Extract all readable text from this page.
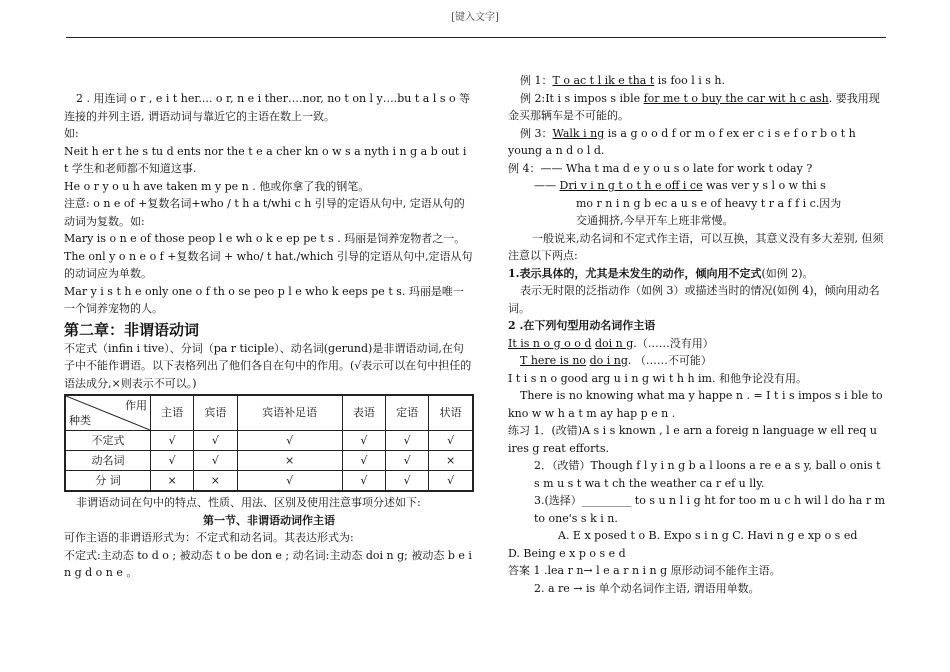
[键入文字]

2 . 用连词 o r , e i t her.... o r, n e i ther….nor, no t on l y….bu t a l s o 等连接的并列主语, 谓语动词与靠近它的主语在数上一致。

如:

Neit h er t he s tu d ents nor the t e a cher kn o w s a nyth i n g a b out i t 学生和老师都不知道这事.

He o r y o u h ave taken m y pe n . 他或你拿了我的钢笔。

注意: o n e of +复数名词+who / t h a t/whi c h 引导的定语从句中, 定语从句的动词为复数。如:

Mary is o n e of those peop l e wh o k e ep pe t s . 玛丽是饲养宠物者之一。

The onl y o n e o f +复数名词 + who/ t hat./which 引导的定语从句中,定语从句的动词应为单数。

Mar y i s t h e only one o f th o se peo p l e who k eeps pe t s. 玛丽是唯一一个饲养宠物的人。

第二章：非谓语动词

不定式（infin i tive）、分词（pa r ticiple）、动名词(gerund)是非谓语动词,在句子中不能作谓语。以下表格列出了他们各自在句中的作用。(√表示可以在句中担任的语法成分,×则表示不可以。)

作用
种类	主语	宾语	宾语补足语	表语	定语	状语
不定式	√	√	√	√	√	√
动名词	√	√	×	√	√	×
分 词	×	×	√	√	√	√

非谓语动词在句中的特点、性质、用法、区别及使用注意事项分述如下:

第一节、非谓语动词作主语

可作主语的非谓语形式为：不定式和动名词。其表达形式为:

不定式:主动态 to d o ; 被动态 t o be don e ; 动名词:主动态 doi n g; 被动态 b e i n g d o n e 。

例 1：T o ac t l ik e tha t is foo l i s h.

例 2:It i s impos s ible for me t o buy the car wit h c ash. 要我用现金买那辆车是不可能的。

例 3：Walk i ng is a g o o d f or m o f ex er c i s e f o r b o t h young a n d o l d.

例 4：—— Wha t ma d e y o u s o late for work t oday ?

—— Dri v i n g t o t h e off i ce was ver y s l o w thi s

mo r n i n g b ec a u s e of heavy t r a f f i c.因为

交通拥挤,今早开车上班非常慢。

一般说来,动名词和不定式作主语，可以互换，其意义没有多大差别, 但须注意以下两点:

1.表示具体的，尤其是未发生的动作，倾向用不定式(如例 2)。

表示无时限的泛指动作（如例 3）或描述当时的情况(如例 4)，倾向用动名词。

2 .在下列句型用动名词作主语

It is n o g o o d doi n g.（……没有用）

T here is no do i ng. （……不可能）

I t i s n o good arg u i n g wi t h h im. 和他争论没有用。

There is no knowing what ma y happe n . = I t i s impos s i ble to kno w w h a t m ay hap p e n .

练习 1．(改错)A s i s known , l e arn a foreig n language w ell req u ires g reat efforts.

2．（改错）Though f l y i n g b a l loons a re e a s y, ball o onis t s m u s t wa t ch the weather ca r ef u lly.

3.(选择）_________ to s u n l i g ht for too m u c h wil l do ha r m to one's s k i n.

A. E x posed t o B. Expo s i n g C. Havi n g e xp o s ed

D. Being e x p o s e d

答案 1 .lea r n→ l e a r n i n g 原形动词不能作主语。

2. a re → is 单个动名词作主语, 谓语用单数。
